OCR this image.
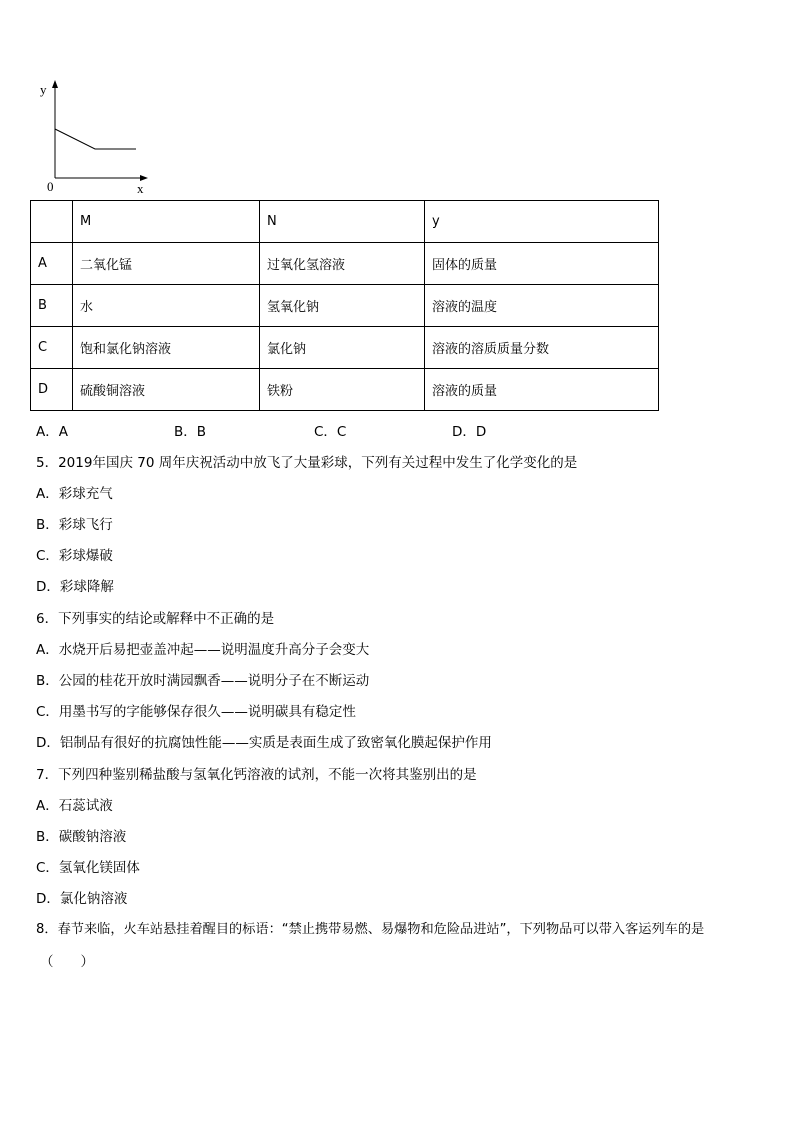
y
0	x
	M	N	y
A	二氧化锰	过氧化氢溶液	固体的质量
B	水	氢氧化钠	溶液的温度
C	饱和氯化钠溶液	氯化钠	溶液的溶质质量分数
D	硫酸铜溶液	铁粉	溶液的质量
A．A	B．B	C．C	D．D
5．2019年国庆 70 周年庆祝活动中放飞了大量彩球，下列有关过程中发生了化学变化的是
A．彩球充气
B．彩球飞行
C．彩球爆破
D．彩球降解
6．下列事实的结论或解释中不正确的是
A．水烧开后易把壶盖冲起——说明温度升高分子会变大
B．公园的桂花开放时满园飘香——说明分子在不断运动
C．用墨书写的字能够保存很久——说明碳具有稳定性
D．铝制品有很好的抗腐蚀性能——实质是表面生成了致密氧化膜起保护作用
7．下列四种鉴别稀盐酸与氢氧化钙溶液的试剂，不能一次将其鉴别出的是
A．石蕊试液
B．碳酸钠溶液
C．氢氧化镁固体
D．氯化钠溶液
8．春节来临，火车站悬挂着醒目的标语：“禁止携带易燃、易爆物和危险品进站”，下列物品可以带入客运列车的是
（　　）
